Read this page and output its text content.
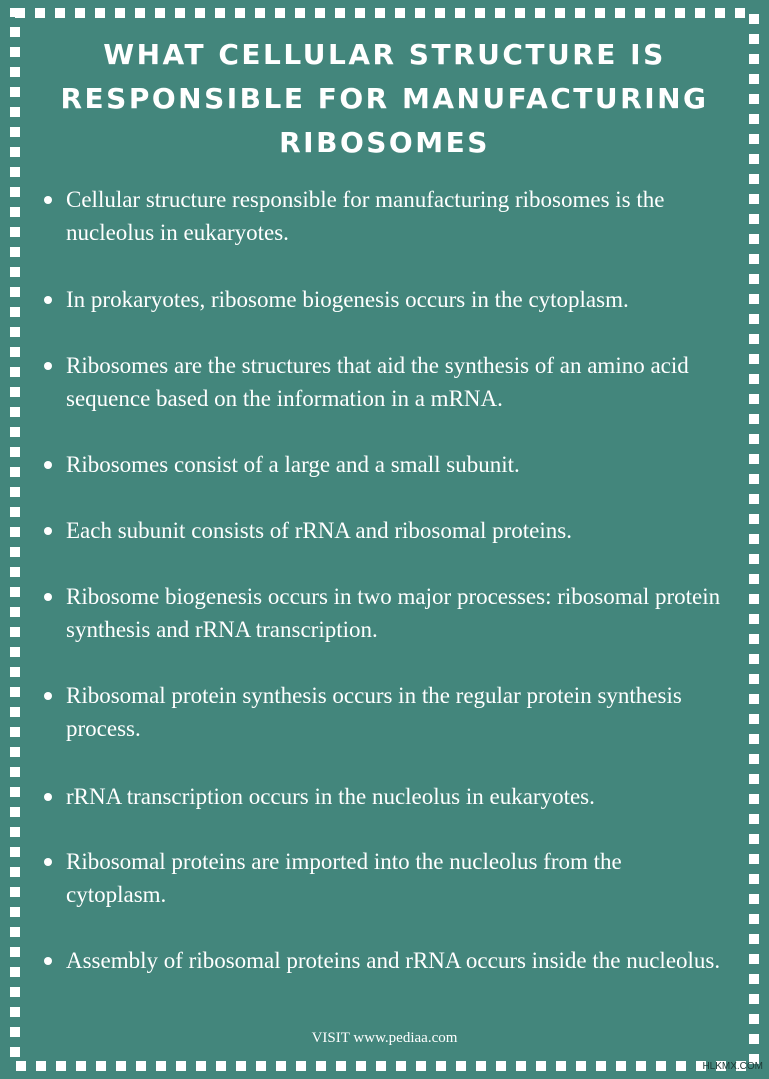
WHAT CELLULAR STRUCTURE IS RESPONSIBLE FOR MANUFACTURING RIBOSOMES
Cellular structure responsible for manufacturing ribosomes is the nucleolus in eukaryotes.
In prokaryotes, ribosome biogenesis occurs in the cytoplasm.
Ribosomes are the structures that aid the synthesis of an amino acid sequence based on the information in a mRNA.
Ribosomes consist of a large and a small subunit.
Each subunit consists of rRNA and ribosomal proteins.
Ribosome biogenesis occurs in two major processes: ribosomal protein synthesis and rRNA transcription.
Ribosomal protein synthesis occurs in the regular protein synthesis process.
rRNA transcription occurs in the nucleolus in eukaryotes.
Ribosomal proteins are imported into the nucleolus from the cytoplasm.
Assembly of ribosomal proteins and rRNA occurs inside the nucleolus.
VISIT www.pediaa.com
HLKMX.COM
